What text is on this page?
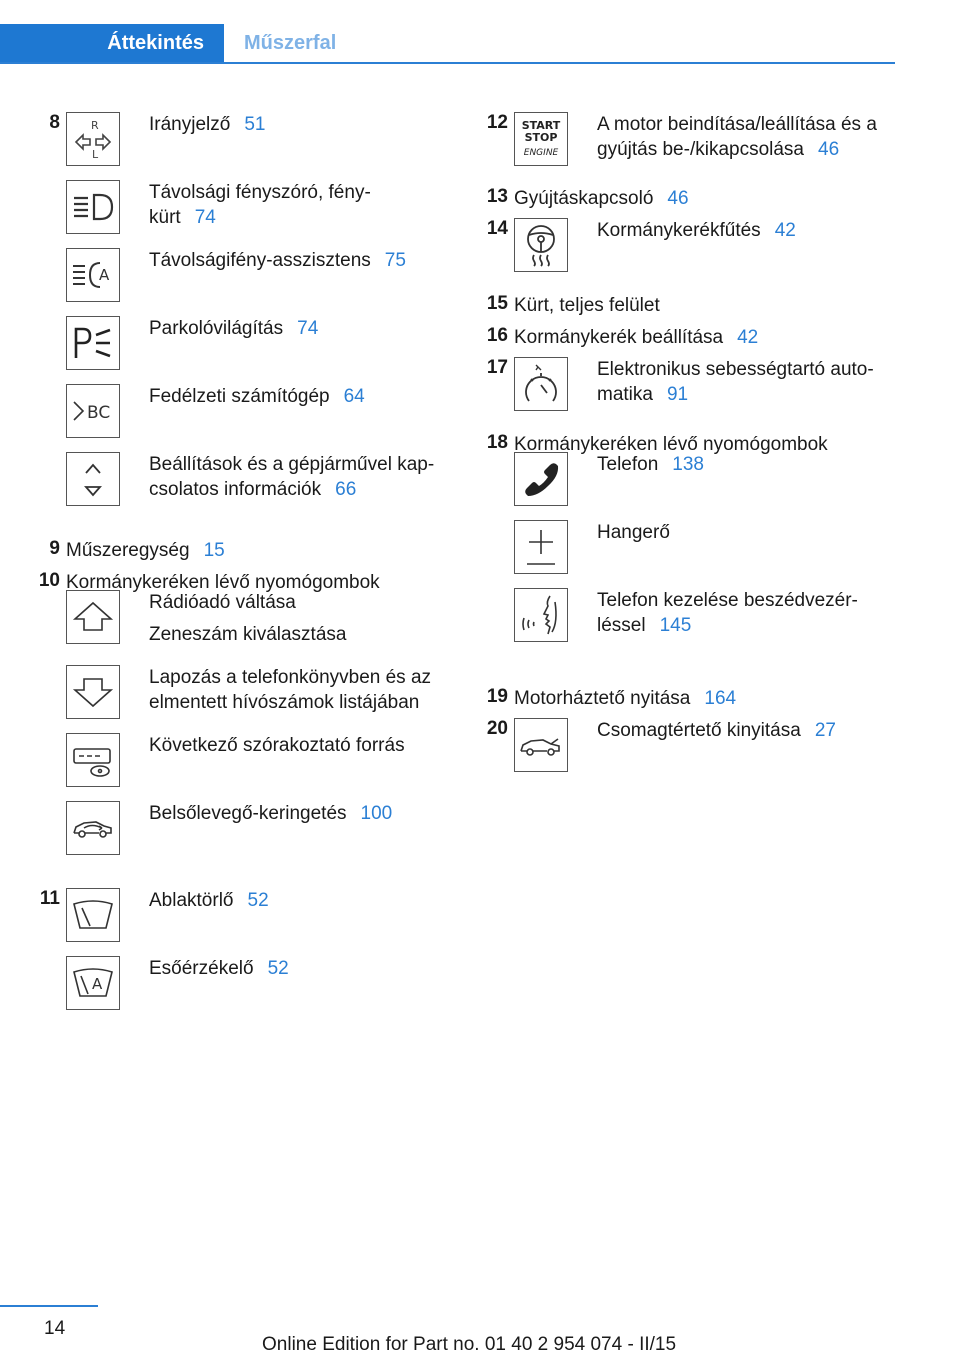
Áttekintés	Műszerfal
8	R
L
Irányjelző 51
Távolsági fényszóró, fény-
kürt 74
A
Távolságifény-asszisztens 75
Parkolóvilágítás 74
BC
Fedélzeti számítógép 64
Beállítások és a gépjárművel kap-
csolatos információk 66
9 Műszeregység 15
10 Kormánykeréken lévő nyomógombok

Rádióadó váltása

Zeneszám kiválasztása

Lapozás a telefonkönyvben és az
elmentett hívószámok listájában
Következő szórakoztató forrás
Belsőlevegő-keringetés 100
11	Ablaktörlő 52
A
Esőérzékelő 52
12 START
STOP
ENGINE
A motor beindítása/leállítása és a
gyújtás be-/kikapcsolása 46
13 Gyújtáskapcsoló 46
14	Kormánykerékfűtés 42
15 Kürt, teljes felület
16 Kormánykerék beállítása 42
17	Elektronikus sebességtartó auto-
matika 91
18 Kormánykeréken lévő nyomógombok
Telefon 138
Hangerő
Telefon kezelése beszédvezér-
léssel 145
19 Motorháztető nyitása 164
20	Csomagtértető kinyitása 27
14
Online Edition for Part no. 01 40 2 954 074 - II/15
